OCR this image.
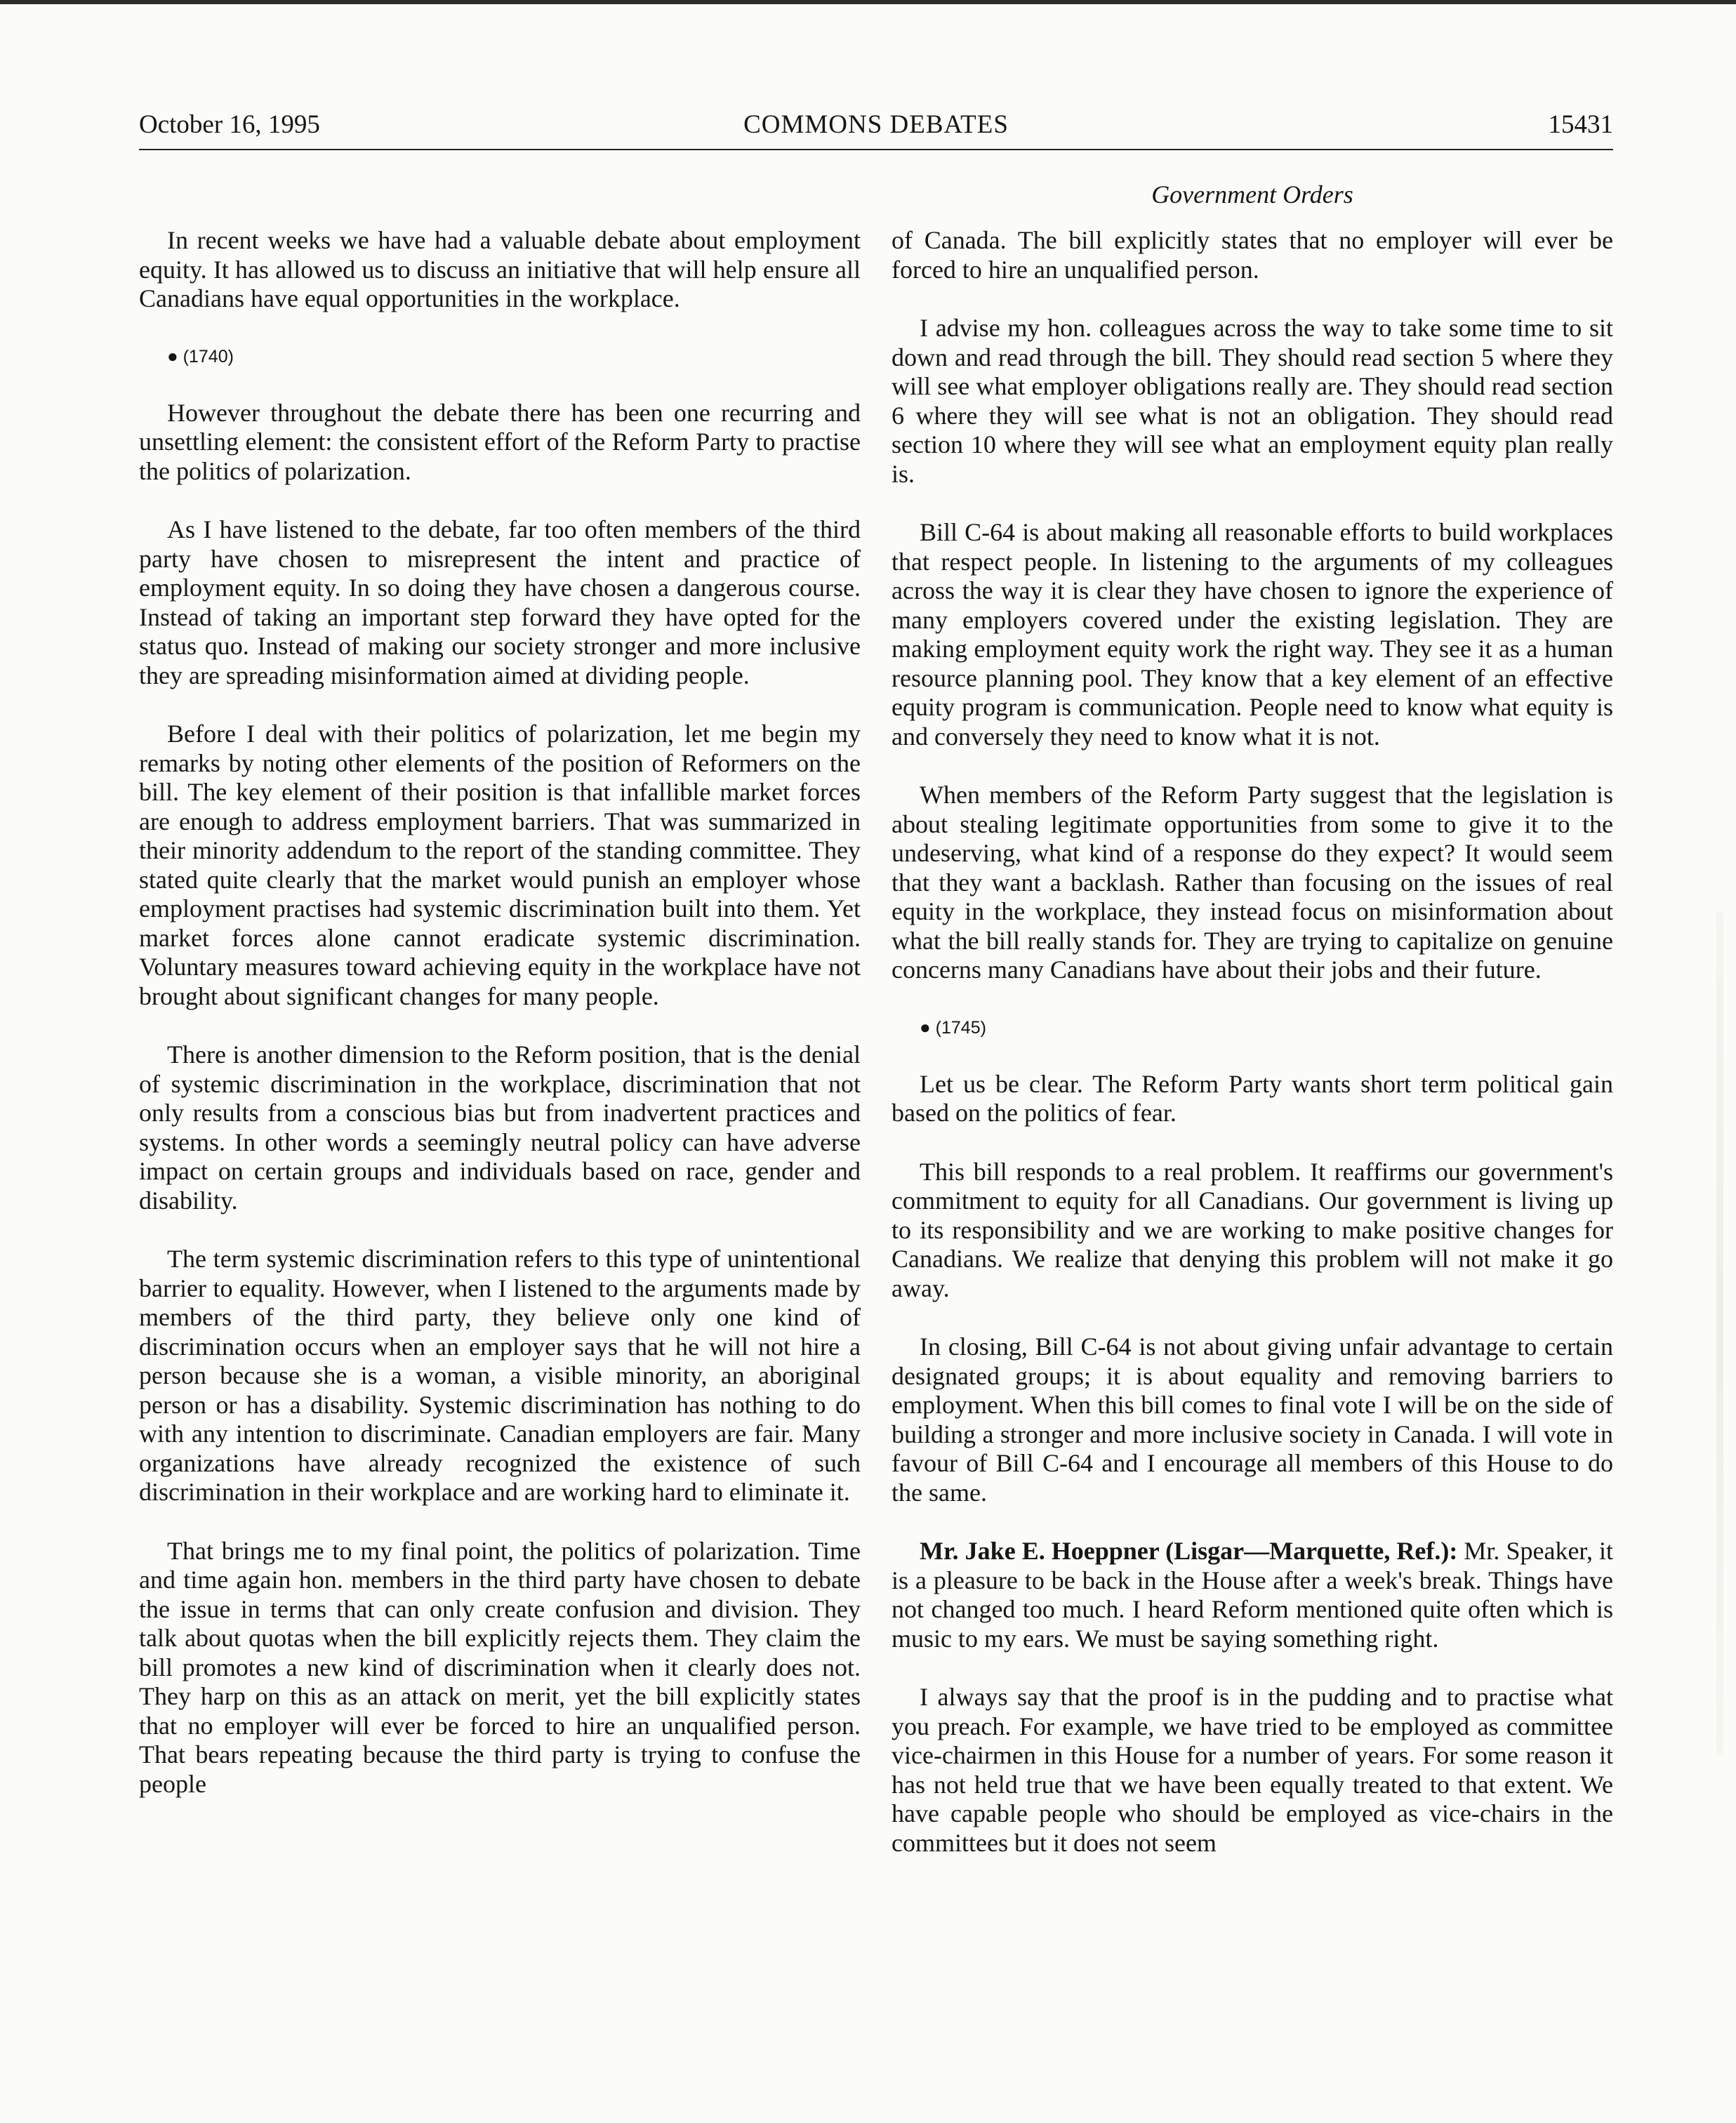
October 16, 1995	COMMONS DEBATES	15431
Government Orders

In recent weeks we have had a valuable debate about employment equity. It has allowed us to discuss an initiative that will help ensure all Canadians have equal opportunities in the workplace.

● (1740)

However throughout the debate there has been one recurring and unsettling element: the consistent effort of the Reform Party to practise the politics of polarization.

As I have listened to the debate, far too often members of the third party have chosen to misrepresent the intent and practice of employment equity. In so doing they have chosen a dangerous course. Instead of taking an important step forward they have opted for the status quo. Instead of making our society stronger and more inclusive they are spreading misinformation aimed at dividing people.

Before I deal with their politics of polarization, let me begin my remarks by noting other elements of the position of Reformers on the bill. The key element of their position is that infallible market forces are enough to address employment barriers. That was summarized in their minority addendum to the report of the standing committee. They stated quite clearly that the market would punish an employer whose employment practises had systemic discrimination built into them. Yet market forces alone cannot eradicate systemic discrimination. Voluntary measures toward achieving equity in the workplace have not brought about significant changes for many people.

There is another dimension to the Reform position, that is the denial of systemic discrimination in the workplace, discrimination that not only results from a conscious bias but from inadvertent practices and systems. In other words a seemingly neutral policy can have adverse impact on certain groups and individuals based on race, gender and disability.

The term systemic discrimination refers to this type of unintentional barrier to equality. However, when I listened to the arguments made by members of the third party, they believe only one kind of discrimination occurs when an employer says that he will not hire a person because she is a woman, a visible minority, an aboriginal person or has a disability. Systemic discrimination has nothing to do with any intention to discriminate. Canadian employers are fair. Many organizations have already recognized the existence of such discrimination in their workplace and are working hard to eliminate it.

That brings me to my final point, the politics of polarization. Time and time again hon. members in the third party have chosen to debate the issue in terms that can only create confusion and division. They talk about quotas when the bill explicitly rejects them. They claim the bill promotes a new kind of discrimination when it clearly does not. They harp on this as an attack on merit, yet the bill explicitly states that no employer will ever be forced to hire an unqualified person. That bears repeating because the third party is trying to confuse the people

of Canada. The bill explicitly states that no employer will ever be forced to hire an unqualified person.

I advise my hon. colleagues across the way to take some time to sit down and read through the bill. They should read section 5 where they will see what employer obligations really are. They should read section 6 where they will see what is not an obligation. They should read section 10 where they will see what an employment equity plan really is.

Bill C-64 is about making all reasonable efforts to build workplaces that respect people. In listening to the arguments of my colleagues across the way it is clear they have chosen to ignore the experience of many employers covered under the existing legislation. They are making employment equity work the right way. They see it as a human resource planning pool. They know that a key element of an effective equity program is communication. People need to know what equity is and conversely they need to know what it is not.

When members of the Reform Party suggest that the legislation is about stealing legitimate opportunities from some to give it to the undeserving, what kind of a response do they expect? It would seem that they want a backlash. Rather than focusing on the issues of real equity in the workplace, they instead focus on misinformation about what the bill really stands for. They are trying to capitalize on genuine concerns many Canadians have about their jobs and their future.

● (1745)

Let us be clear. The Reform Party wants short term political gain based on the politics of fear.

This bill responds to a real problem. It reaffirms our government's commitment to equity for all Canadians. Our government is living up to its responsibility and we are working to make positive changes for Canadians. We realize that denying this problem will not make it go away.

In closing, Bill C-64 is not about giving unfair advantage to certain designated groups; it is about equality and removing barriers to employment. When this bill comes to final vote I will be on the side of building a stronger and more inclusive society in Canada. I will vote in favour of Bill C-64 and I encourage all members of this House to do the same.

Mr. Jake E. Hoeppner (Lisgar—Marquette, Ref.): Mr. Speaker, it is a pleasure to be back in the House after a week's break. Things have not changed too much. I heard Reform mentioned quite often which is music to my ears. We must be saying something right.

I always say that the proof is in the pudding and to practise what you preach. For example, we have tried to be employed as committee vice-chairmen in this House for a number of years. For some reason it has not held true that we have been equally treated to that extent. We have capable people who should be employed as vice-chairs in the committees but it does not seem
